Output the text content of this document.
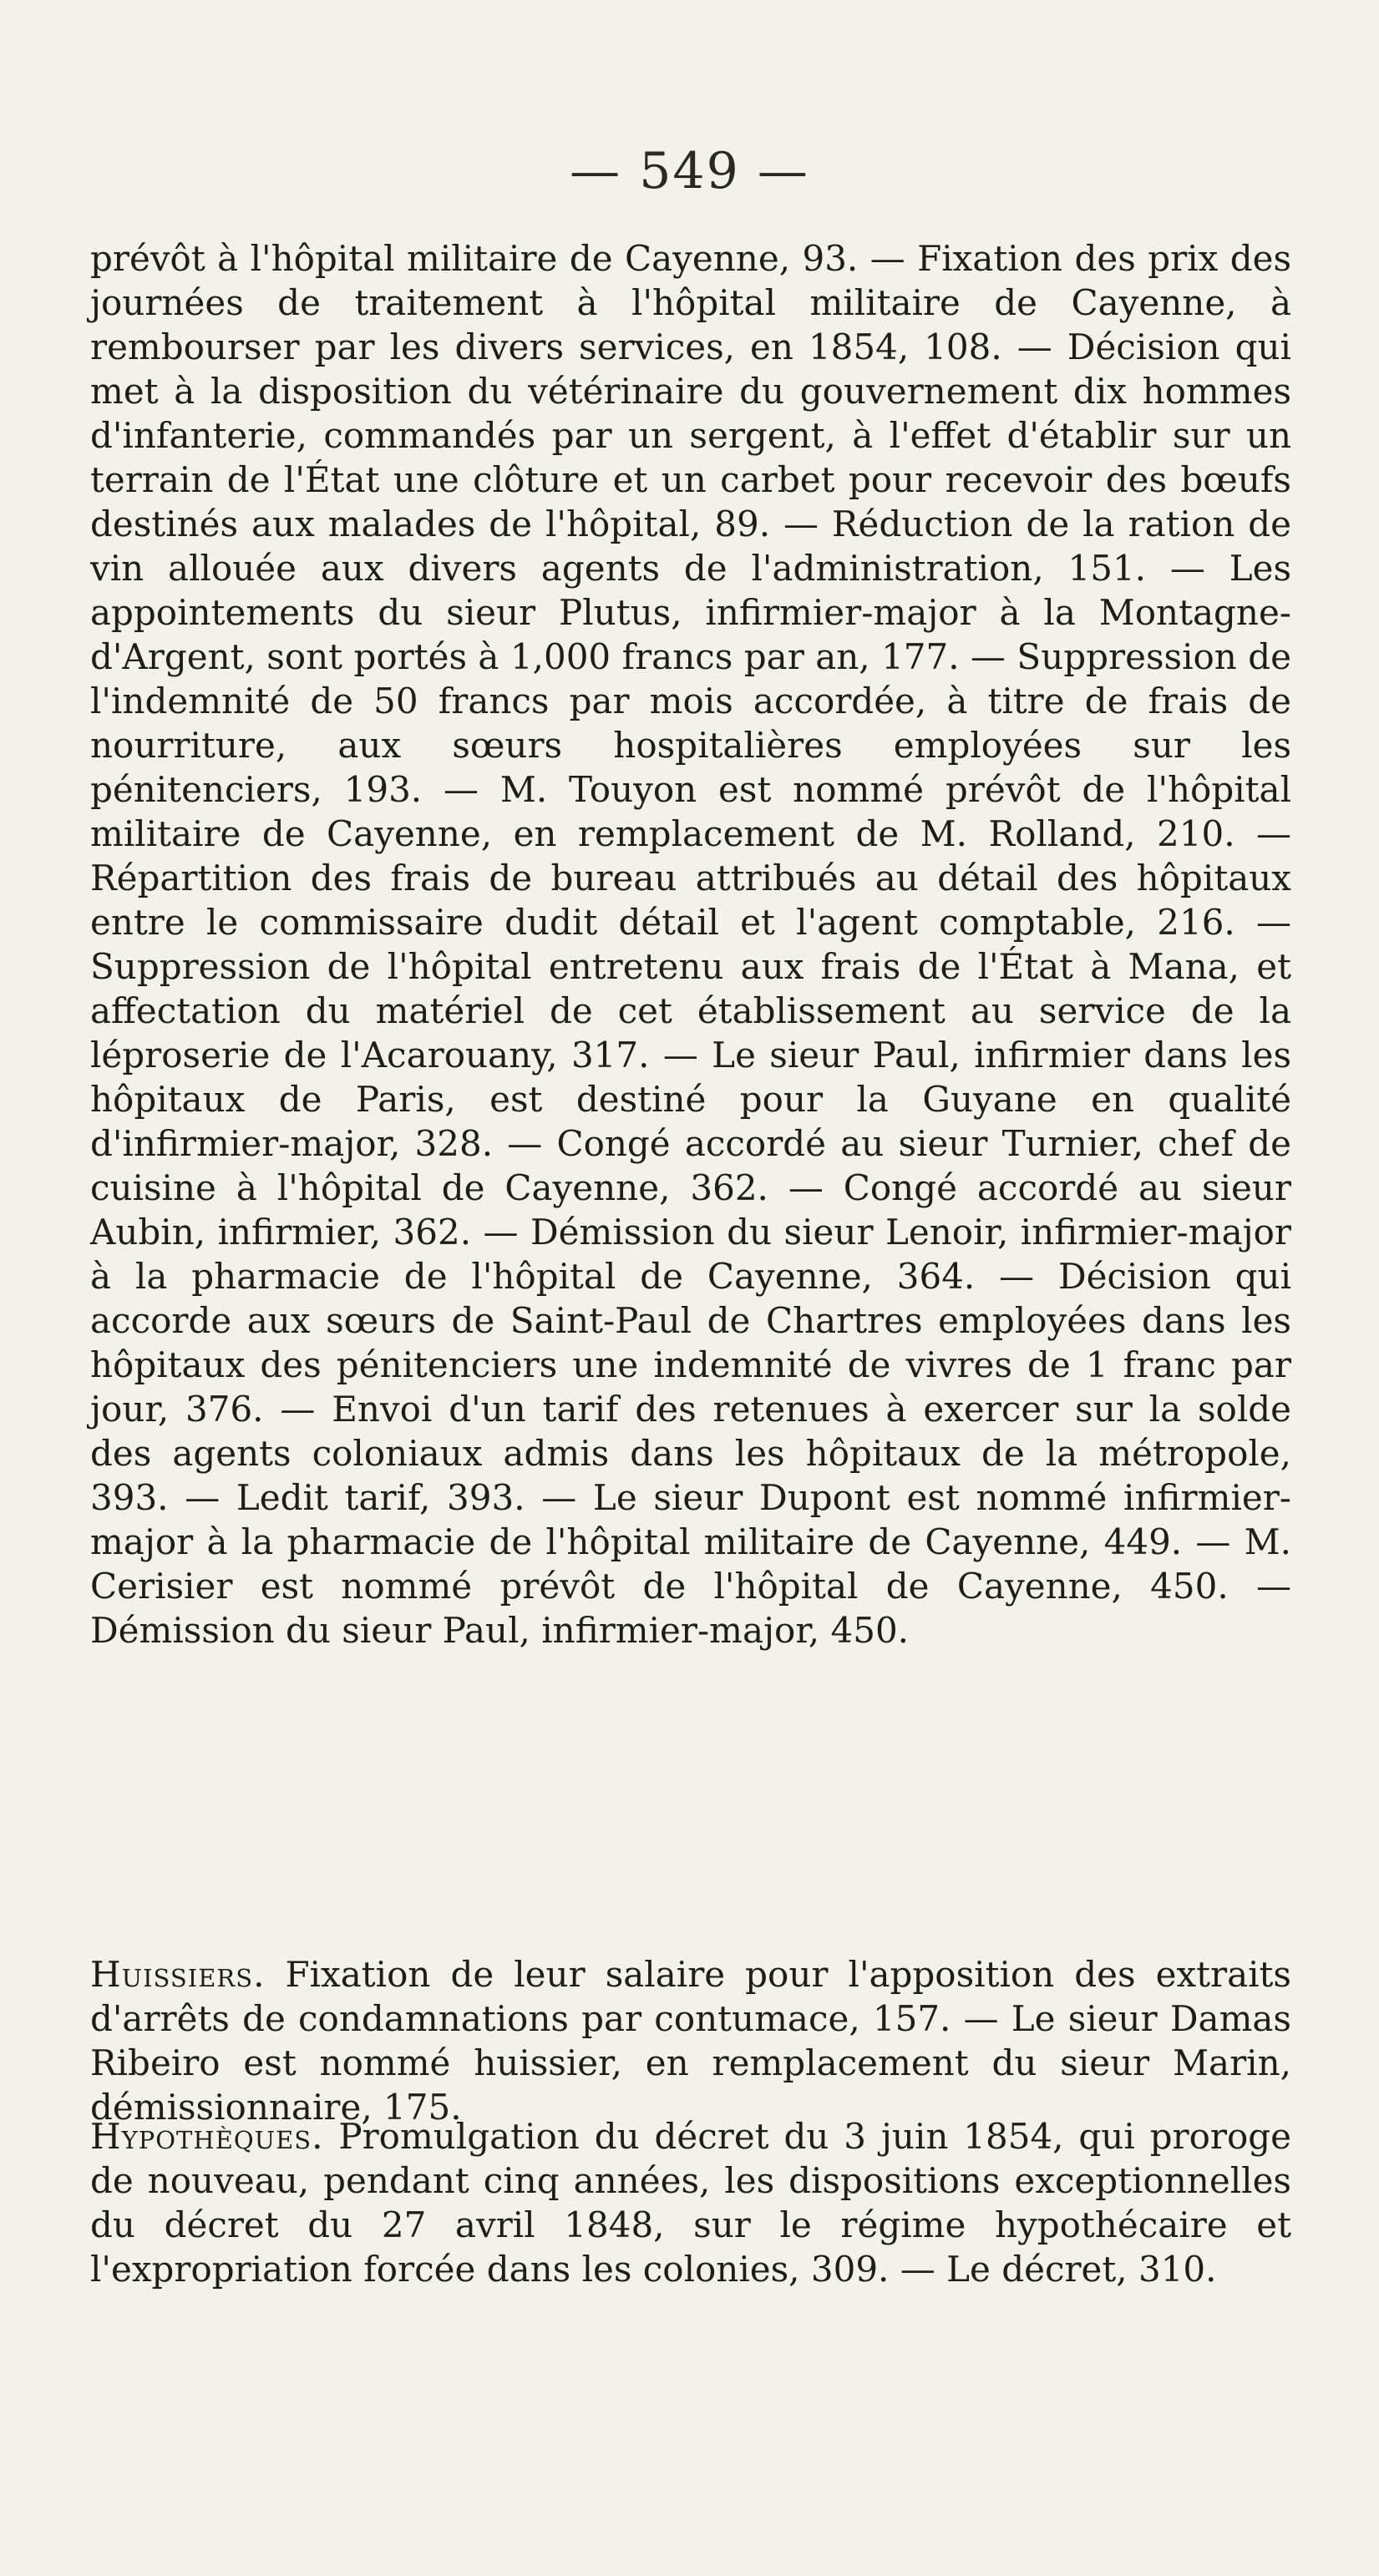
— 549 —
prévôt à l'hôpital militaire de Cayenne, 93. — Fixation des prix des journées de traitement à l'hôpital militaire de Cayenne, à rembourser par les divers services, en 1854, 108. — Décision qui met à la disposition du vétérinaire du gouvernement dix hommes d'infanterie, commandés par un sergent, à l'effet d'établir sur un terrain de l'État une clôture et un carbet pour recevoir des bœufs destinés aux malades de l'hôpital, 89. — Réduction de la ration de vin allouée aux divers agents de l'administration, 151. — Les appointements du sieur Plutus, infirmier-major à la Montagne-d'Argent, sont portés à 1,000 francs par an, 177. — Suppression de l'indemnité de 50 francs par mois accordée, à titre de frais de nourriture, aux sœurs hospitalières employées sur les pénitenciers, 193. — M. Touyon est nommé prévôt de l'hôpital militaire de Cayenne, en remplacement de M. Rolland, 210. — Répartition des frais de bureau attribués au détail des hôpitaux entre le commissaire dudit détail et l'agent comptable, 216. — Suppression de l'hôpital entretenu aux frais de l'État à Mana, et affectation du matériel de cet établissement au service de la léproserie de l'Acarouany, 317. — Le sieur Paul, infirmier dans les hôpitaux de Paris, est destiné pour la Guyane en qualité d'infirmier-major, 328. — Congé accordé au sieur Turnier, chef de cuisine à l'hôpital de Cayenne, 362. — Congé accordé au sieur Aubin, infirmier, 362. — Démission du sieur Lenoir, infirmier-major à la pharmacie de l'hôpital de Cayenne, 364. — Décision qui accorde aux sœurs de Saint-Paul de Chartres employées dans les hôpitaux des pénitenciers une indemnité de vivres de 1 franc par jour, 376. — Envoi d'un tarif des retenues à exercer sur la solde des agents coloniaux admis dans les hôpitaux de la métropole, 393. — Ledit tarif, 393. — Le sieur Dupont est nommé infirmier-major à la pharmacie de l'hôpital militaire de Cayenne, 449. — M. Cerisier est nommé prévôt de l'hôpital de Cayenne, 450. — Démission du sieur Paul, infirmier-major, 450.
Huissiers. Fixation de leur salaire pour l'apposition des extraits d'arrêts de condamnations par contumace, 157. — Le sieur Damas Ribeiro est nommé huissier, en remplacement du sieur Marin, démissionnaire, 175.
Hypothèques. Promulgation du décret du 3 juin 1854, qui proroge de nouveau, pendant cinq années, les dispositions exceptionnelles du décret du 27 avril 1848, sur le régime hypothécaire et l'expropriation forcée dans les colonies, 309. — Le décret, 310.
